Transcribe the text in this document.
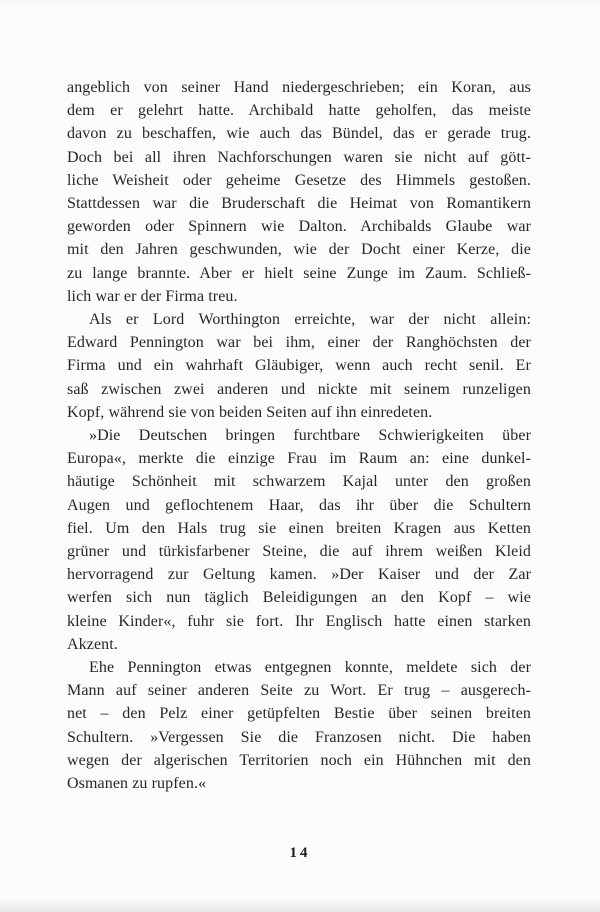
angeblich von seiner Hand niedergeschrieben; ein Koran, aus
dem er gelehrt hatte. Archibald hatte geholfen, das meiste
davon zu beschaffen, wie auch das Bündel, das er gerade trug.
Doch bei all ihren Nachforschungen waren sie nicht auf gött-
liche Weisheit oder geheime Gesetze des Himmels gestoßen.
Stattdessen war die Bruderschaft die Heimat von Romantikern
geworden oder Spinnern wie Dalton. Archibalds Glaube war
mit den Jahren geschwunden, wie der Docht einer Kerze, die
zu lange brannte. Aber er hielt seine Zunge im Zaum. Schließ-
lich war er der Firma treu.
Als er Lord Worthington erreichte, war der nicht allein:
Edward Pennington war bei ihm, einer der Ranghöchsten der
Firma und ein wahrhaft Gläubiger, wenn auch recht senil. Er
saß zwischen zwei anderen und nickte mit seinem runzeligen
Kopf, während sie von beiden Seiten auf ihn einredeten.
»Die Deutschen bringen furchtbare Schwierigkeiten über
Europa«, merkte die einzige Frau im Raum an: eine dunkel-
häutige Schönheit mit schwarzem Kajal unter den großen
Augen und geflochtenem Haar, das ihr über die Schultern
fiel. Um den Hals trug sie einen breiten Kragen aus Ketten
grüner und türkisfarbener Steine, die auf ihrem weißen Kleid
hervorragend zur Geltung kamen. »Der Kaiser und der Zar
werfen sich nun täglich Beleidigungen an den Kopf – wie
kleine Kinder«, fuhr sie fort. Ihr Englisch hatte einen starken
Akzent.
Ehe Pennington etwas entgegnen konnte, meldete sich der
Mann auf seiner anderen Seite zu Wort. Er trug – ausgerech-
net – den Pelz einer getüpfelten Bestie über seinen breiten
Schultern. »Vergessen Sie die Franzosen nicht. Die haben
wegen der algerischen Territorien noch ein Hühnchen mit den
Osmanen zu rupfen.«
14
